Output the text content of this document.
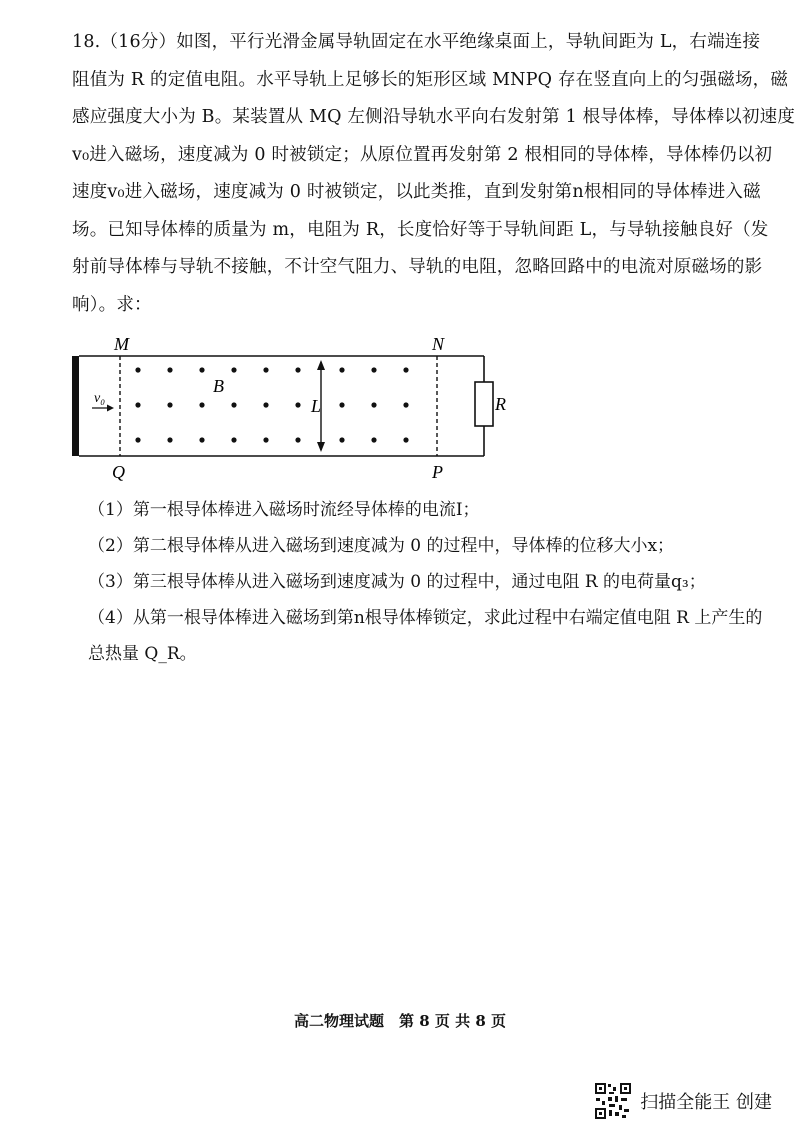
18.（16分）如图，平行光滑金属导轨固定在水平绝缘桌面上，导轨间距为 L，右端连接
阻值为 R 的定值电阻。水平导轨上足够长的矩形区域 MNPQ 存在竖直向上的匀强磁场，磁
感应强度大小为 B。某装置从 MQ 左侧沿导轨水平向右发射第 1 根导体棒，导体棒以初速度
v₀进入磁场，速度减为 0 时被锁定；从原位置再发射第 2 根相同的导体棒，导体棒仍以初
速度v₀进入磁场，速度减为 0 时被锁定，以此类推，直到发射第n根相同的导体棒进入磁
场。已知导体棒的质量为 m，电阻为 R，长度恰好等于导轨间距 L，与导轨接触良好（发
射前导体棒与导轨不接触，不计空气阻力、导轨的电阻，忽略回路中的电流对原磁场的影
响）。求：
M	N
Q	P
B
L	R
v₀
（1）第一根导体棒进入磁场时流经导体棒的电流I；
（2）第二根导体棒从进入磁场到速度减为 0 的过程中，导体棒的位移大小x；
（3）第三根导体棒从进入磁场到速度减为 0 的过程中，通过电阻 R 的电荷量q₃；
（4）从第一根导体棒进入磁场到第n根导体棒锁定，求此过程中右端定值电阻 R 上产生的
总热量 Q_R。
高二物理试题　第 8 页 共 8 页
扫描全能王 创建
